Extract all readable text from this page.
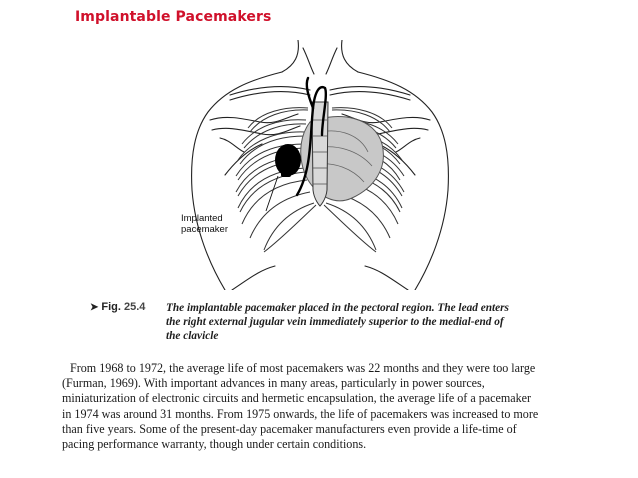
Implantable Pacemakers
Implanted
pacemaker
➤ Fig. 25.4 The implantable pacemaker placed in the pectoral region. The lead enters
the right external jugular vein immediately superior to the medial-end of
the clavicle
From 1968 to 1972, the average life of most pacemakers was 22 months and they were too large
(Furman, 1969). With important advances in many areas, particularly in power sources,
miniaturization of electronic circuits and hermetic encapsulation, the average life of a pacemaker
in 1974 was around 31 months. From 1975 onwards, the life of pacemakers was increased to more
than five years. Some of the present-day pacemaker manufacturers even provide a life-time of
pacing performance warranty, though under certain conditions.
